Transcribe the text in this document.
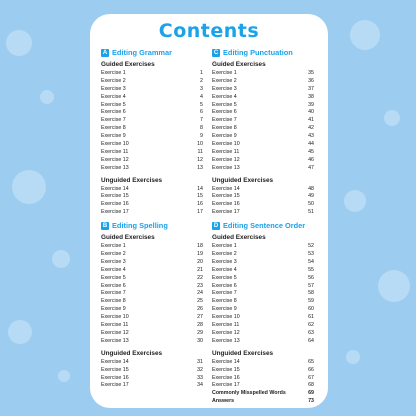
Contents
A Editing Grammar
Guided Exercises
Exercise 1	1
Exercise 2	2
Exercise 3	3
Exercise 4	4
Exercise 5	5
Exercise 6	6
Exercise 7	7
Exercise 8	8
Exercise 9	9
Exercise 10	10
Exercise 11	11
Exercise 12	12
Exercise 13	13
Unguided Exercises
Exercise 14	14
Exercise 15	15
Exercise 16	16
Exercise 17	17
B Editing Spelling
Guided Exercises
Exercise 1	18
Exercise 2	19
Exercise 3	20
Exercise 4	21
Exercise 5	22
Exercise 6	23
Exercise 7	24
Exercise 8	25
Exercise 9	26
Exercise 10	27
Exercise 11	28
Exercise 12	29
Exercise 13	30
Unguided Exercises
Exercise 14	31
Exercise 15	32
Exercise 16	33
Exercise 17	34
C Editing Punctuation
Guided Exercises
Exercise 1	35
Exercise 2	36
Exercise 3	37
Exercise 4	38
Exercise 5	39
Exercise 6	40
Exercise 7	41
Exercise 8	42
Exercise 9	43
Exercise 10	44
Exercise 11	45
Exercise 12	46
Exercise 13	47
Unguided Exercises
Exercise 14	48
Exercise 15	49
Exercise 16	50
Exercise 17	51
D Editing Sentence Order
Guided Exercises
Exercise 1	52
Exercise 2	53
Exercise 3	54
Exercise 4	55
Exercise 5	56
Exercise 6	57
Exercise 7	58
Exercise 8	59
Exercise 9	60
Exercise 10	61
Exercise 11	62
Exercise 12	63
Exercise 13	64
Unguided Exercises
Exercise 14	65
Exercise 15	66
Exercise 16	67
Exercise 17	68
Commonly Misspelled Words	69
Answers	73
